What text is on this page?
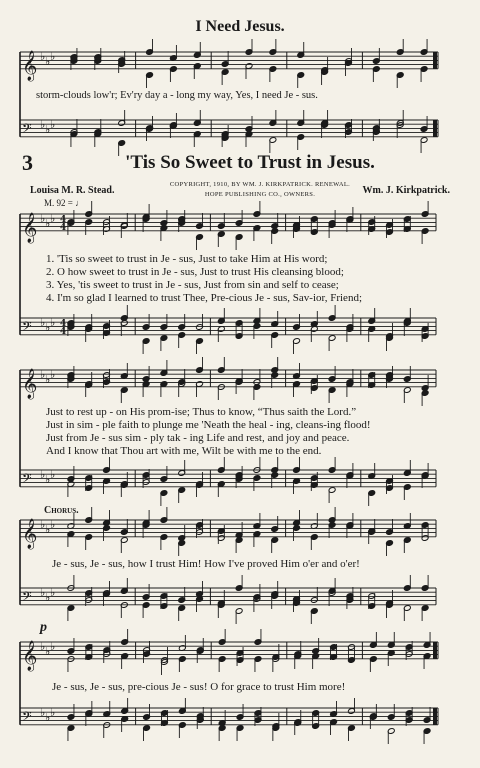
𝄞 ♭ ♭ ♭
𝄢 ♭ ♭ ♭
𝄞 ♭ ♭ ♭
𝄢 ♭ ♭ ♭
𝄞 ♭ ♭ ♭
𝄢 ♭ ♭ ♭
𝄞 ♭ ♭ ♭
𝄢 ♭ ♭ ♭
𝄞 ♭ ♭ ♭
𝄢 ♭ ♭ ♭
4
4
4
4
I Need Jesus.
storm-clouds low'r; Ev'ry day a - long my way, Yes, I need Je - sus.
3	'Tis So Sweet to Trust in Jesus.
COPYRIGHT, 1910, BY WM. J. KIRKPATRICK. RENEWAL.
HOPE PUBLISHING CO., OWNERS.
Louisa M. R. Stead.	Wm. J. Kirkpatrick.
M. 92 = ♩
1. 'Tis so sweet to trust in Je - sus, Just to take Him at His word;
2. O how sweet to trust in Je - sus, Just to trust His cleansing blood;
3. Yes, 'tis sweet to trust in Je - sus, Just from sin and self to cease;
4. I'm so glad I learned to trust Thee, Pre-cious Je - sus, Sav-ior, Friend;
Just to rest up - on His prom-ise; Thus to know, “Thus saith the Lord.”
Just in sim - ple faith to plunge me 'Neath the heal - ing, cleans-ing flood!
Just from Je - sus sim - ply tak - ing Life and rest, and joy and peace.
And I know that Thou art with me, Wilt be with me to the end.
Chorus.
Je - sus, Je - sus, how I trust Him! How I've proved Him o'er and o'er!
Je - sus, Je - sus, pre-cious Je - sus! O for grace to trust Him more!
p
